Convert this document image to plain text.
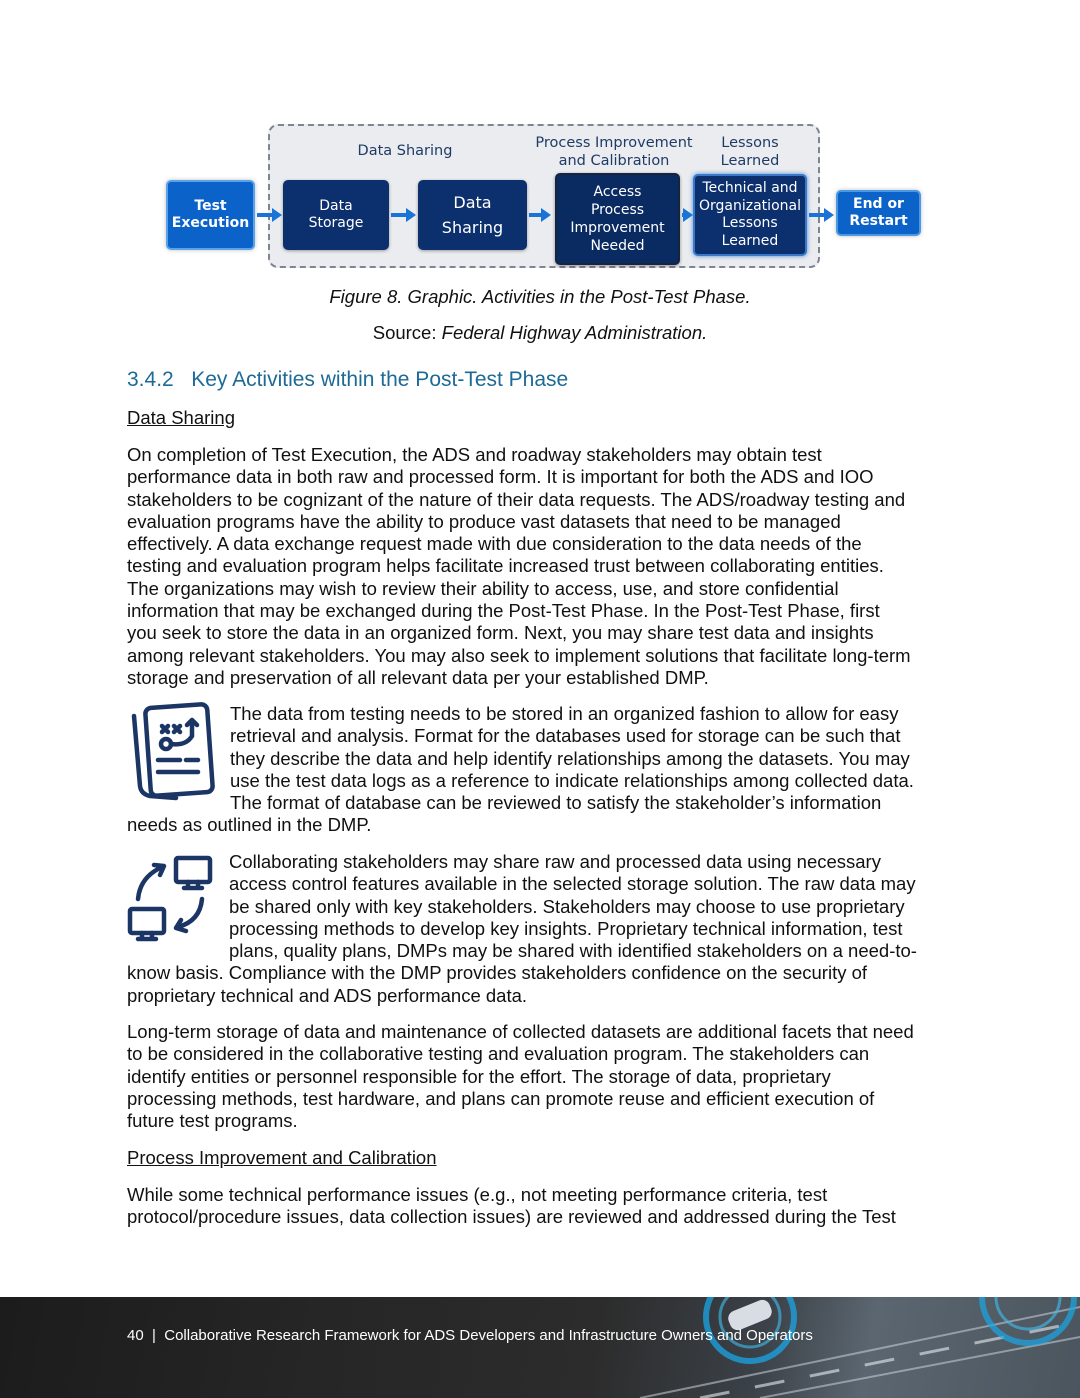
Data Sharing	Process Improvement
and Calibration
Lessons
Learned
Test
Execution
Data
Storage
Data
Sharing
Access
Process
Improvement
Needed
Technical and
Organizational
Lessons
Learned
End or
Restart
Figure 8. Graphic. Activities in the Post-Test Phase.
Source: Federal Highway Administration.
3.4.2   Key Activities within the Post-Test Phase
Data Sharing
On completion of Test Execution, the ADS and roadway stakeholders may obtain test
performance data in both raw and processed form. It is important for both the ADS and IOO
stakeholders to be cognizant of the nature of their data requests. The ADS/roadway testing and
evaluation programs have the ability to produce vast datasets that need to be managed
effectively. A data exchange request made with due consideration to the data needs of the
testing and evaluation program helps facilitate increased trust between collaborating entities.
The organizations may wish to review their ability to access, use, and store confidential
information that may be exchanged during the Post-Test Phase. In the Post-Test Phase, first
you seek to store the data in an organized form. Next, you may share test data and insights
among relevant stakeholders. You may also seek to implement solutions that facilitate long-term
storage and preservation of all relevant data per your established DMP.
The data from testing needs to be stored in an organized fashion to allow for easy
retrieval and analysis. Format for the databases used for storage can be such that
they describe the data and help identify relationships among the datasets. You may
use the test data logs as a reference to indicate relationships among collected data.
The format of database can be reviewed to satisfy the stakeholder’s information
needs as outlined in the DMP.
Collaborating stakeholders may share raw and processed data using necessary
access control features available in the selected storage solution. The raw data may
be shared only with key stakeholders. Stakeholders may choose to use proprietary
processing methods to develop key insights. Proprietary technical information, test
plans, quality plans, DMPs may be shared with identified stakeholders on a need-to-
know basis. Compliance with the DMP provides stakeholders confidence on the security of
proprietary technical and ADS performance data.
Long-term storage of data and maintenance of collected datasets are additional facets that need
to be considered in the collaborative testing and evaluation program. The stakeholders can
identify entities or personnel responsible for the effort. The storage of data, proprietary
processing methods, test hardware, and plans can promote reuse and efficient execution of
future test programs.
Process Improvement and Calibration
While some technical performance issues (e.g., not meeting performance criteria, test
protocol/procedure issues, data collection issues) are reviewed and addressed during the Test
40  |  Collaborative Research Framework for ADS Developers and Infrastructure Owners and Operators
